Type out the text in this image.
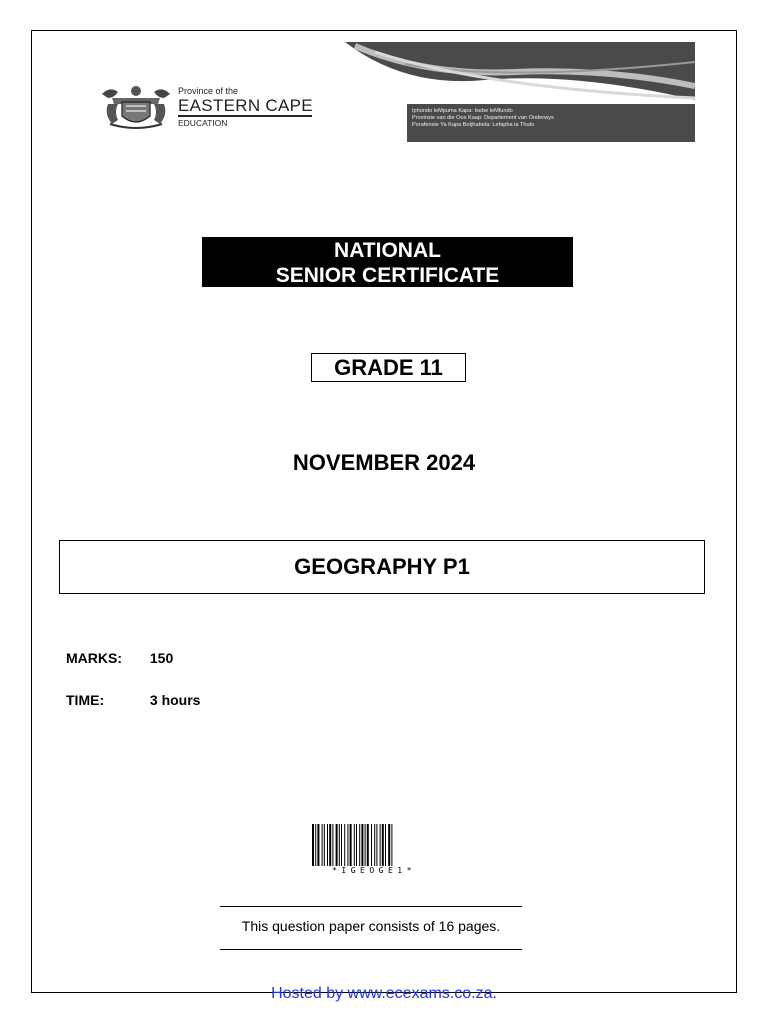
Province of the
EASTERN CAPE
EDUCATION
Iphondo leMpuma Kapa: Isebe leMfundo
Provinsie van die Oos Kaap: Departement van Onderwys
Porafensie Ya Kapa Botjhabela: Lefapha la Thuto
NATIONAL
SENIOR CERTIFICATE
GRADE 11
NOVEMBER 2024
GEOGRAPHY P1
MARKS: 150
TIME:	3 hours
*IGEOGE1*
This question paper consists of 16 pages.
Hosted by www.ecexams.co.za.
